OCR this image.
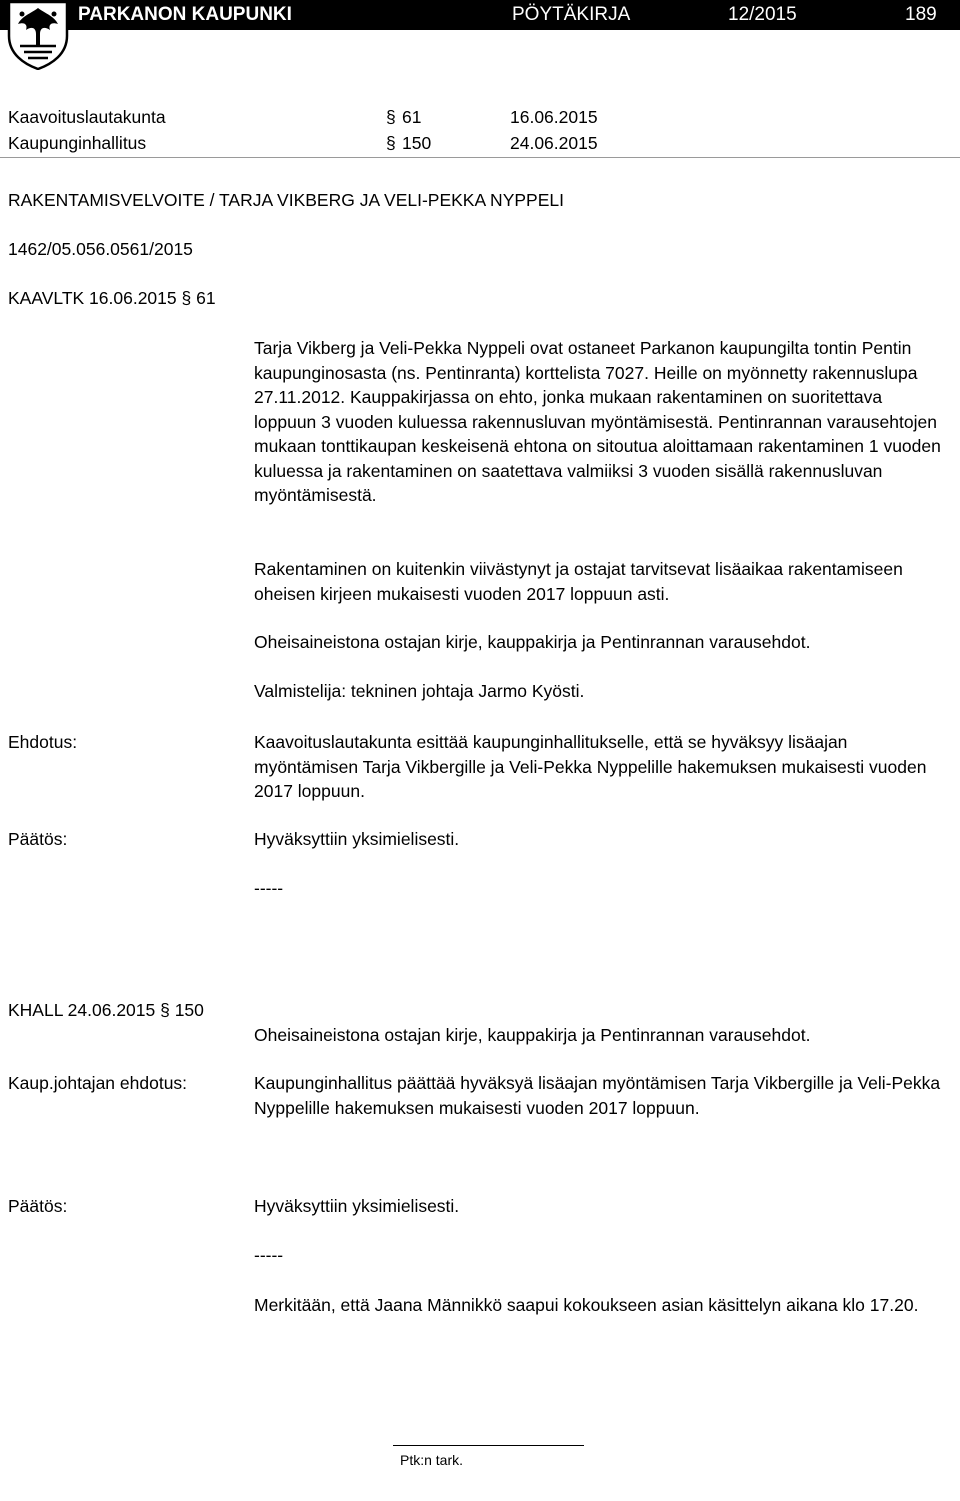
PARKANON KAUPUNKI	PÖYTÄKIRJA	12/2015	189
Kaavoituslautakunta	§ 61	16.06.2015
Kaupunginhallitus	§ 150	24.06.2015
RAKENTAMISVELVOITE / TARJA VIKBERG JA VELI-PEKKA NYPPELI
1462/05.056.0561/2015
KAAVLTK 16.06.2015 § 61

Tarja Vikberg ja Veli-Pekka Nyppeli ovat ostaneet Parkanon kaupungilta tontin Pentin kaupunginosasta (ns. Pentinranta) korttelista 7027. Heille on myönnetty rakennuslupa 27.11.2012. Kauppakirjassa on ehto, jonka mukaan rakentaminen on suoritettava loppuun 3 vuoden kuluessa rakennusluvan myöntämisestä. Pentinrannan varausehtojen mukaan tonttikaupan keskeisenä ehtona on sitoutua aloittamaan rakentaminen 1 vuoden kuluessa ja rakentaminen on saatettava valmiiksi 3 vuoden sisällä rakennusluvan myöntämisestä.

Rakentaminen on kuitenkin viivästynyt ja ostajat tarvitsevat lisäaikaa rakentamiseen oheisen kirjeen mukaisesti vuoden 2017 loppuun asti.

Oheisaineistona ostajan kirje, kauppakirja ja Pentinrannan varausehdot.

Valmistelija: tekninen johtaja Jarmo Kyösti.

Ehdotus:	Kaavoituslautakunta esittää kaupunginhallitukselle, että se hyväksyy lisäajan myöntämisen Tarja Vikbergille ja Veli-Pekka Nyppelille hakemuksen mukaisesti vuoden 2017 loppuun.

Päätös:	Hyväksyttiin yksimielisesti.
-----
KHALL 24.06.2015 § 150
Oheisaineistona ostajan kirje, kauppakirja ja Pentinrannan varausehdot.
Kaup.johtajan ehdotus:	Kaupunginhallitus päättää hyväksyä lisäajan myöntämisen Tarja Vikbergille ja Veli-Pekka Nyppelille hakemuksen mukaisesti vuoden 2017 loppuun.

Päätös:	Hyväksyttiin yksimielisesti.
-----

Merkitään, että Jaana Männikkö saapui kokoukseen asian käsittelyn aikana klo 17.20.

Ptk:n tark.
